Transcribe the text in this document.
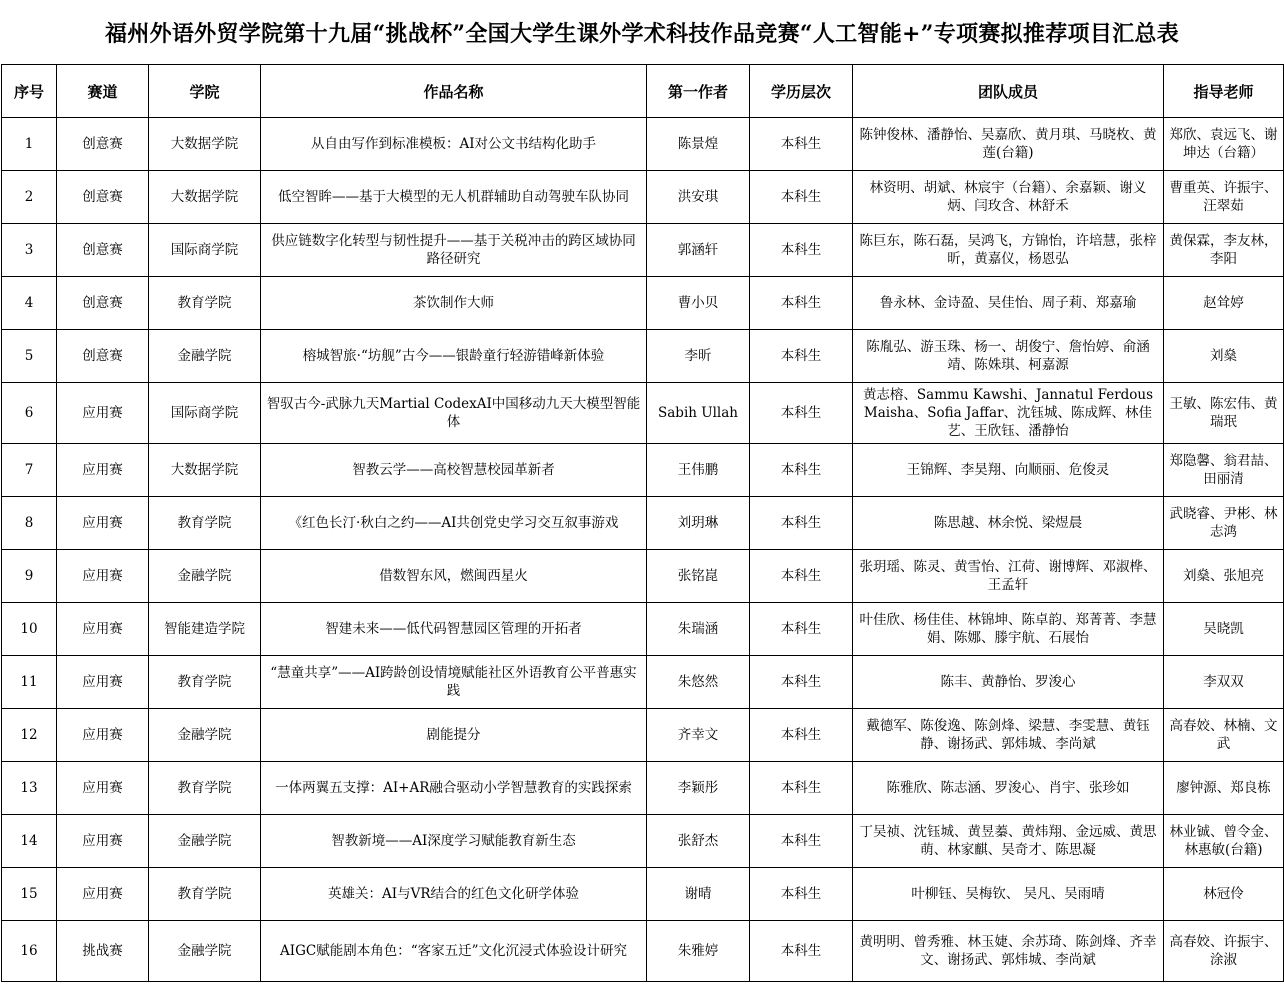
福州外语外贸学院第十九届“挑战杯”全国大学生课外学术科技作品竞赛“人工智能+”专项赛拟推荐项目汇总表
序号	赛道	学院	作品名称	第一作者	学历层次	团队成员	指导老师
1	创意赛	大数据学院	从自由写作到标准模板：AI对公文书结构化助手	陈景煌	本科生	陈钟俊林、潘静怡、吴嘉欣、黄月琪、马晓枚、黄莲(台籍)	郑欣、袁远飞、谢坤达（台籍）
2	创意赛	大数据学院	低空智眸——基于大模型的无人机群辅助自动驾驶车队协同	洪安琪	本科生	林资明、胡斌、林宸宇（台籍）、余嘉颖、谢义炳、闫玫含、林舒禾	曹重英、许振宇、汪翠茹
3	创意赛	国际商学院	供应链数字化转型与韧性提升——基于关税冲击的跨区域协同路径研究	郭涵轩	本科生	陈巨东，陈石磊，吴鸿飞，方锦怡，许培慧，张梓昕，黄嘉仪，杨恩弘	黄保霖，李友林，李阳
4	创意赛	教育学院	茶饮制作大师	曹小贝	本科生	鲁永林、金诗盈、吴佳怡、周子莉、郑嘉瑜	赵耸婷
5	创意赛	金融学院	榕城智旅·“坊舰”古今——银龄童行轻游错峰新体验	李昕	本科生	陈胤弘、游玉珠、杨一、胡俊宁、詹怡婷、俞涵靖、陈姝琪、柯嘉源	刘燊
6	应用赛	国际商学院	智驭古今-武脉九天Martial CodexAI中国移动九天大模型智能体	Sabih Ullah	本科生	黄志榕、Sammu Kawshi、Jannatul Ferdous Maisha、Sofia Jaffar、沈钰城、陈成辉、林佳艺、王欣钰、潘静怡	王敏、陈宏伟、黄瑞珉
7	应用赛	大数据学院	智教云学——高校智慧校园革新者	王伟鹏	本科生	王锦辉、李昊翔、向顺丽、危俊灵	郑隐馨、翁君喆、田丽清
8	应用赛	教育学院	《红色长汀·秋白之约——AI共创党史学习交互叙事游戏	刘玥琳	本科生	陈思越、林余悦、梁煜晨	武晓睿、尹彬、林志鸿
9	应用赛	金融学院	借数智东风，燃闽西星火	张铭崑	本科生	张玥瑶、陈灵、黄雪怡、江荷、谢博辉、邓淑桦、王孟轩	刘燊、张旭亮
10	应用赛	智能建造学院	智建未来——低代码智慧园区管理的开拓者	朱瑞涵	本科生	叶佳欣、杨佳佳、林锦坤、陈卓韵、郑菁菁、李慧娟、陈娜、滕宇航、石展怡	吴晓凯
11	应用赛	教育学院	“慧童共享”——AI跨龄创设情境赋能社区外语教育公平普惠实践	朱悠然	本科生	陈丰、黄静怡、罗浚心	李双双
12	应用赛	金融学院	剧能提分	齐幸文	本科生	戴德军、陈俊逸、陈剑烽、梁慧、李雯慧、黄钰静、谢扬武、郭炜城、李尚斌	高春姣、林楠、文武
13	应用赛	教育学院	一体两翼五支撑：AI+AR融合驱动小学智慧教育的实践探索	李颖彤	本科生	陈雅欣、陈志涵、罗浚心、肖宇、张珍如	廖钟源、郑良栋
14	应用赛	金融学院	智教新境——AI深度学习赋能教育新生态	张舒杰	本科生	丁吴祯、沈钰城、黄昱蓁、黄炜翔、金远威、黄思萌、林家麒、吴奇才、陈思凝	林业铖、曾令金、林惠敏(台籍)
15	应用赛	教育学院	英雄关：AI与VR结合的红色文化研学体验	谢晴	本科生	叶柳钰、吴梅钦、 吴凡、吴雨晴	林冠伶
16	挑战赛	金融学院	AIGC赋能剧本角色：“客家五迁”文化沉浸式体验设计研究	朱雅婷	本科生	黄明明、曾秀雅、林玉婕、余苏琦、陈剑烽、齐幸文、谢扬武、郭炜城、李尚斌	高春姣、许振宇、涂淑
